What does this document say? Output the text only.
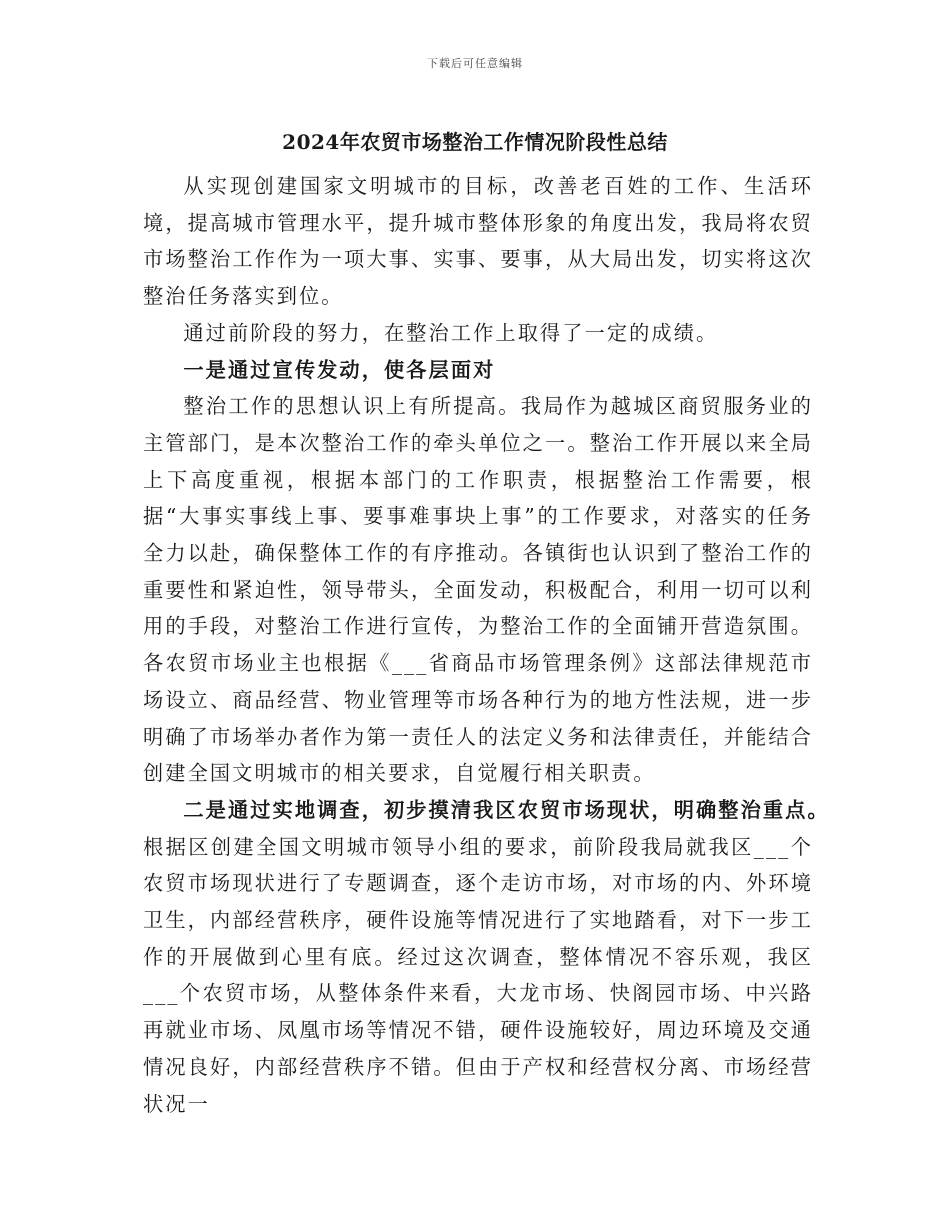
下载后可任意编辑
2024年农贸市场整治工作情况阶段性总结

从实现创建国家文明城市的目标，改善老百姓的工作、生活环境，提高城市管理水平，提升城市整体形象的角度出发，我局将农贸市场整治工作作为一项大事、实事、要事，从大局出发，切实将这次整治任务落实到位。

通过前阶段的努力，在整治工作上取得了一定的成绩。

一是通过宣传发动，使各层面对

整治工作的思想认识上有所提高。我局作为越城区商贸服务业的主管部门，是本次整治工作的牵头单位之一。整治工作开展以来全局上下高度重视，根据本部门的工作职责，根据整治工作需要，根据“大事实事线上事、要事难事块上事”的工作要求，对落实的任务全力以赴，确保整体工作的有序推动。各镇街也认识到了整治工作的重要性和紧迫性，领导带头，全面发动，积极配合，利用一切可以利用的手段，对整治工作进行宣传，为整治工作的全面铺开营造氛围。各农贸市场业主也根据《___省商品市场管理条例》这部法律规范市场设立、商品经营、物业管理等市场各种行为的地方性法规，进一步明确了市场举办者作为第一责任人的法定义务和法律责任，并能结合创建全国文明城市的相关要求，自觉履行相关职责。

二是通过实地调查，初步摸清我区农贸市场现状，明确整治重点。

根据区创建全国文明城市领导小组的要求，前阶段我局就我区___个农贸市场现状进行了专题调查，逐个走访市场，对市场的内、外环境卫生，内部经营秩序，硬件设施等情况进行了实地踏看，对下一步工作的开展做到心里有底。经过这次调查，整体情况不容乐观，我区___个农贸市场，从整体条件来看，大龙市场、快阁园市场、中兴路再就业市场、凤凰市场等情况不错，硬件设施较好，周边环境及交通情况良好，内部经营秩序不错。但由于产权和经营权分离、市场经营状况一
